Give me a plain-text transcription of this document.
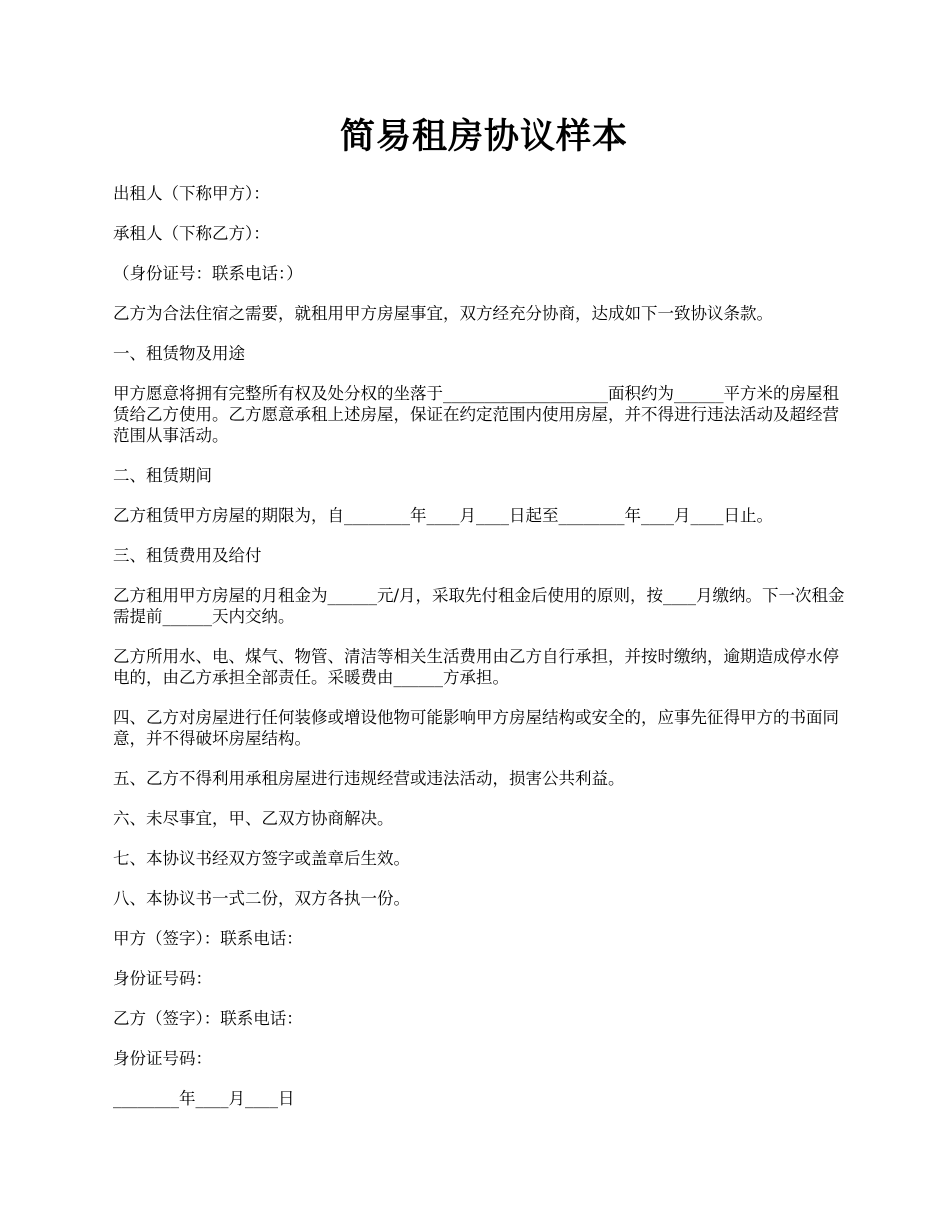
简易租房协议样本

出租人（下称甲方）：

承租人（下称乙方）：

（身份证号：联系电话：）

乙方为合法住宿之需要，就租用甲方房屋事宜，双方经充分协商，达成如下一致协议条款。

一、租赁物及用途

甲方愿意将拥有完整所有权及处分权的坐落于____________________面积约为______平方米的房屋租赁给乙方使用。乙方愿意承租上述房屋，保证在约定范围内使用房屋，并不得进行违法活动及超经营范围从事活动。

二、租赁期间

乙方租赁甲方房屋的期限为，自________年____月____日起至________年____月____日止。

三、租赁费用及给付

乙方租用甲方房屋的月租金为______元/月，采取先付租金后使用的原则，按____月缴纳。下一次租金需提前______天内交纳。

乙方所用水、电、煤气、物管、清洁等相关生活费用由乙方自行承担，并按时缴纳，逾期造成停水停电的，由乙方承担全部责任。采暖费由______方承担。

四、乙方对房屋进行任何装修或增设他物可能影响甲方房屋结构或安全的，应事先征得甲方的书面同意，并不得破坏房屋结构。

五、乙方不得利用承租房屋进行违规经营或违法活动，损害公共利益。

六、未尽事宜，甲、乙双方协商解决。

七、本协议书经双方签字或盖章后生效。

八、本协议书一式二份，双方各执一份。

甲方（签字）：联系电话：

身份证号码：

乙方（签字）：联系电话：

身份证号码：

________年____月____日
